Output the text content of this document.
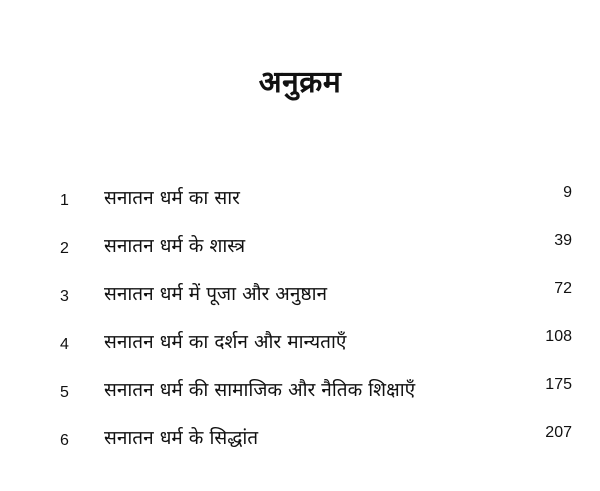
अनुक्रम
1 सनातन धर्म का सार	9
2 सनातन धर्म के शास्त्र	39
3 सनातन धर्म में पूजा और अनुष्ठान	72
4 सनातन धर्म का दर्शन और मान्यताएँ	108
5 सनातन धर्म की सामाजिक और नैतिक शिक्षाएँ	175
6 सनातन धर्म के सिद्धांत	207
